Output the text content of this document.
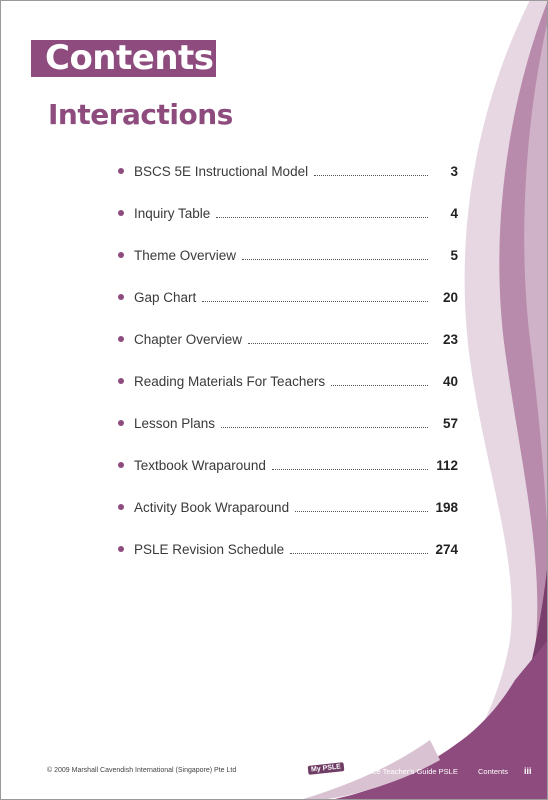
Contents
Interactions
BSCS 5E Instructional Model	3
Inquiry Table	4
Theme Overview	5
Gap Chart	20
Chapter Overview	23
Reading Materials For Teachers	40
Lesson Plans	57
Textbook Wraparound	112
Activity Book Wraparound	198
PSLE Revision Schedule	274
© 2009 Marshall Cavendish International (Singapore) Pte Ltd	My PSLE	Science Teacher's Guide PSLE	Contents iii
